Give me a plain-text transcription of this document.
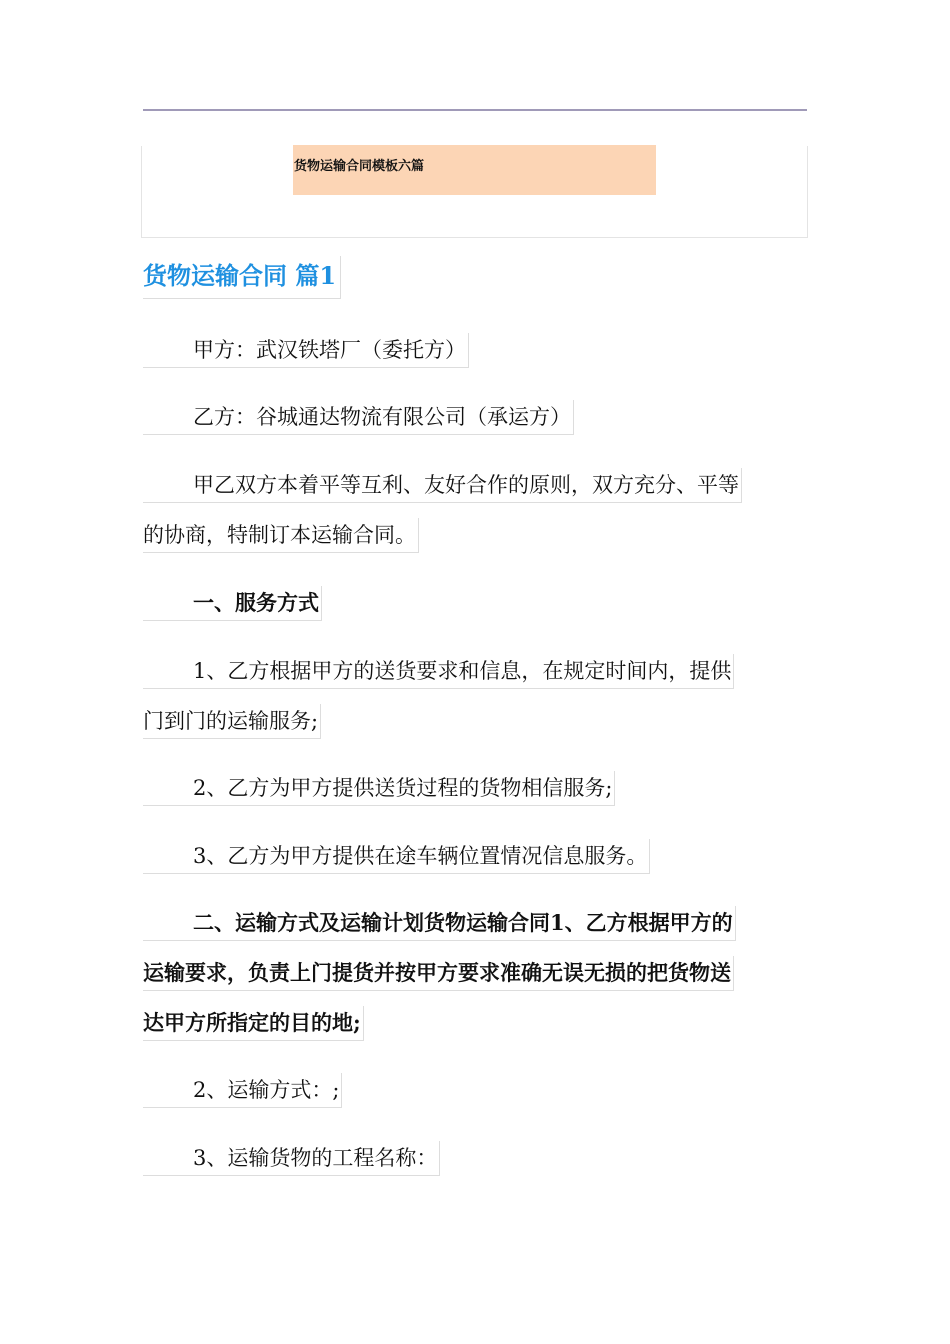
货物运输合同模板六篇
货物运输合同 篇1
甲方：武汉铁塔厂（委托方）
乙方：谷城通达物流有限公司（承运方）
甲乙双方本着平等互利、友好合作的原则，双方充分、平等
的协商，特制订本运输合同。
一、服务方式
1、乙方根据甲方的送货要求和信息，在规定时间内，提供
门到门的运输服务;
2、乙方为甲方提供送货过程的货物相信服务;
3、乙方为甲方提供在途车辆位置情况信息服务。
二、运输方式及运输计划货物运输合同1、乙方根据甲方的
运输要求，负责上门提货并按甲方要求准确无误无损的把货物送
达甲方所指定的目的地;
2、运输方式：;
3、运输货物的工程名称：
